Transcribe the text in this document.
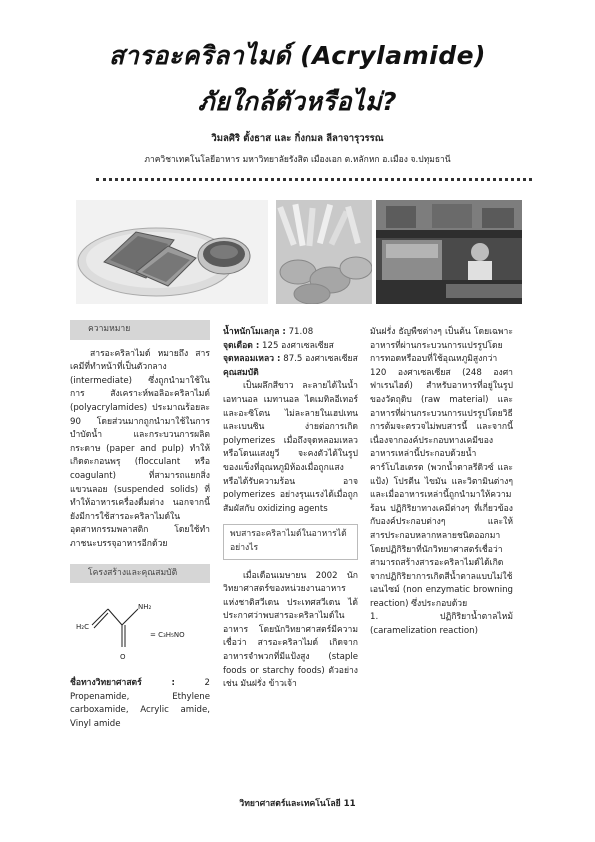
สารอะคริลาไมด์ (Acrylamide)
ภัยใกล้ตัวหรือไม่?
วิมลศิริ ตั้งธาส และ กิ่งกมล ลีลาจารุวรรณ
ภาควิชาเทคโนโลยีอาหาร มหาวิทยาลัยรังสิต เมืองเอก ต.หลักหก อ.เมือง จ.ปทุมธานี
ความหมาย

สารอะคริลาไมด์ หมายถึง สารเคมีที่ทำหน้าที่เป็นตัวกลาง (intermediate) ซึ่งถูกนำมาใช้ในการ สังเคราะห์พอลิอะคริลาไมด์ (polyacrylamides) ประมาณร้อยละ 90 โดยส่วนมากถูกนำมาใช้ในการ บำบัดน้ำ และกระบวนการผลิตกระดาษ (paper and pulp) ทำให้เกิดตะกอนพรุ (flocculant หรือ coagulant) ที่สามารถแยกสิ่งแขวนลอย (suspended solids) ที่ทำให้อาหารเครื่องดื่มต่าง นอกจากนี้ยังมีการใช้สารอะคริลาไมด์ในอุตสาหกรรมพลาสติก โดยใช้ทำภาชนะบรรจุอาหารอีกด้วย

โครงสร้างและคุณสมบัติ
H₂C
NH₂
O
= C₃H₅NO

ชื่อทางวิทยาศาสตร์ :	2 Propenamide, Ethylene carboxamide, Acrylic amide, Vinyl amide

น้ำหนักโมเลกุล : 71.08

จุดเดือด : 125 องศาเซลเซียส

จุดหลอมเหลว : 87.5 องศาเซลเซียส

คุณสมบัติ

เป็นผลึกสีขาว ละลายได้ในน้ำ เอทานอล เมทานอล ไดเมทิลอีเทอร์ และอะซิโตน ไม่ละลายในเฮปเทน และเบนซิน ง่ายต่อการเกิด polymerizes เมื่อถึงจุดหลอมเหลวหรือโดนแสงยูวี จะคงตัวได้ในรูปของแข็งที่อุณหภูมิห้องเมื่อถูกแสงหรือได้รับความร้อน อาจ polymerizes อย่างรุนแรงได้เมื่อถูกสัมผัสกับ oxidizing agents

พบสารอะคริลาไมด์ในอาหารได้อย่างไร

เมื่อเดือนเมษายน 2002 นักวิทยาศาสตร์ของหน่วยงานอาหารแห่งชาติสวีเดน ประเทศสวีเดน ได้ประกาศว่าพบสารอะคริลาไมด์ในอาหาร โดยนักวิทยาศาสตร์มีความเชื่อว่า สารอะคริลาไมด์ เกิดจากอาหารจำพวกที่มีแป้งสูง (staple foods or starchy foods) ตัวอย่างเช่น มันฝรั่ง ข้าวเจ้า

มันฝรั่ง ธัญพืชต่างๆ เป็นต้น โดยเฉพาะอาหารที่ผ่านกระบวนการแปรรูปโดยการทอดหรืออบที่ใช้อุณหภูมิสูงกว่า 120 องศาเซลเซียส (248 องศาฟาเรนไฮต์) สำหรับอาหารที่อยู่ในรูปของวัตถุดิบ (raw material) และอาหารที่ผ่านกระบวนการแปรรูปโดยวิธีการต้มจะตรวจไม่พบสารนี้ และจากนี้ เนื่องจากองค์ประกอบทางเคมีของอาหารเหล่านี้ประกอบด้วยน้ำ คาร์โบไฮเดรต (พวกน้ำตาลรีดิวซ์ และแป้ง) โปรตีน ไขมัน และวิตามินต่างๆ และเมื่ออาหารเหล่านี้ถูกนำมาให้ความร้อน ปฏิกิริยาทางเคมีต่างๆ ที่เกี่ยวข้องกับองค์ประกอบต่างๆ และให้สารประกอบหลากหลายชนิดออกมา โดยปฏิกิริยาที่นักวิทยาศาสตร์เชื่อว่าสามารถสร้างสารอะคริลาไมด์ได้เกิดจากปฏิกิริยาการเกิดสีน้ำตาลแบบไม่ใช้เอนไซม์ (non enzymatic browning reaction) ซึ่งประกอบด้วย

1. ปฏิกิริยาน้ำตาลไหม้ (caramelization reaction)

วิทยาศาสตร์และเทคโนโลยี 11
